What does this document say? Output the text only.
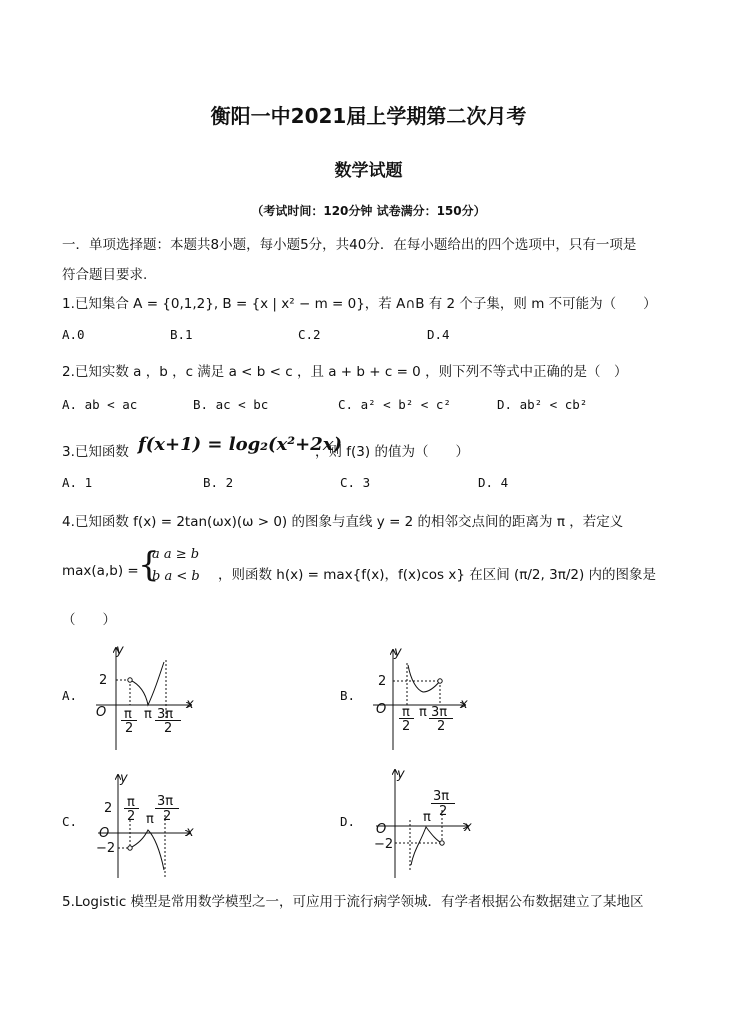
衡阳一中2021届上学期第二次月考
数学试题
（考试时间：120分钟 试卷满分：150分）
一．单项选择题：本题共8小题，每小题5分，共40分．在每小题给出的四个选项中，只有一项是
符合题目要求.
1.已知集合 A = {0,1,2}, B = {x | x² − m = 0}，若 A∩B 有 2 个子集，则 m 不可能为（　　）
A.0	B.1	C.2	D.4
2.已知实数 a ，b ，c 满足 a < b < c ，且 a + b + c = 0 ，则下列不等式中正确的是（　）
A. ab < ac	B. ac < bc	C. a² < b² < c²	D. ab² < cb²
3.已知函数 f(x+1) = log₂(x²+2x)
，则 f(3) 的值为（　　）
A. 1	B. 2	C. 3	D. 4
4.已知函数 f(x) = 2tan(ωx)(ω > 0) 的图象与直线 y = 2 的相邻交点间的距离为 π ，若定义
max(a,b) = {
a a ≥ b
b a < b ，则函数 h(x) = max{f(x)，f(x)cos x} 在区间 (π/2, 3π/2) 内的图象是
（　　）
A.	B.
C.	D.
y
2
O
x
π
2
π 3π
2
y
2
O	x
π
2
π 3π
2
y
2 π
2 π
3π
2
O
−2
x
y
3π
2
π
O
−2
x
5.Logistic 模型是常用数学模型之一，可应用于流行病学领城．有学者根据公布数据建立了某地区
